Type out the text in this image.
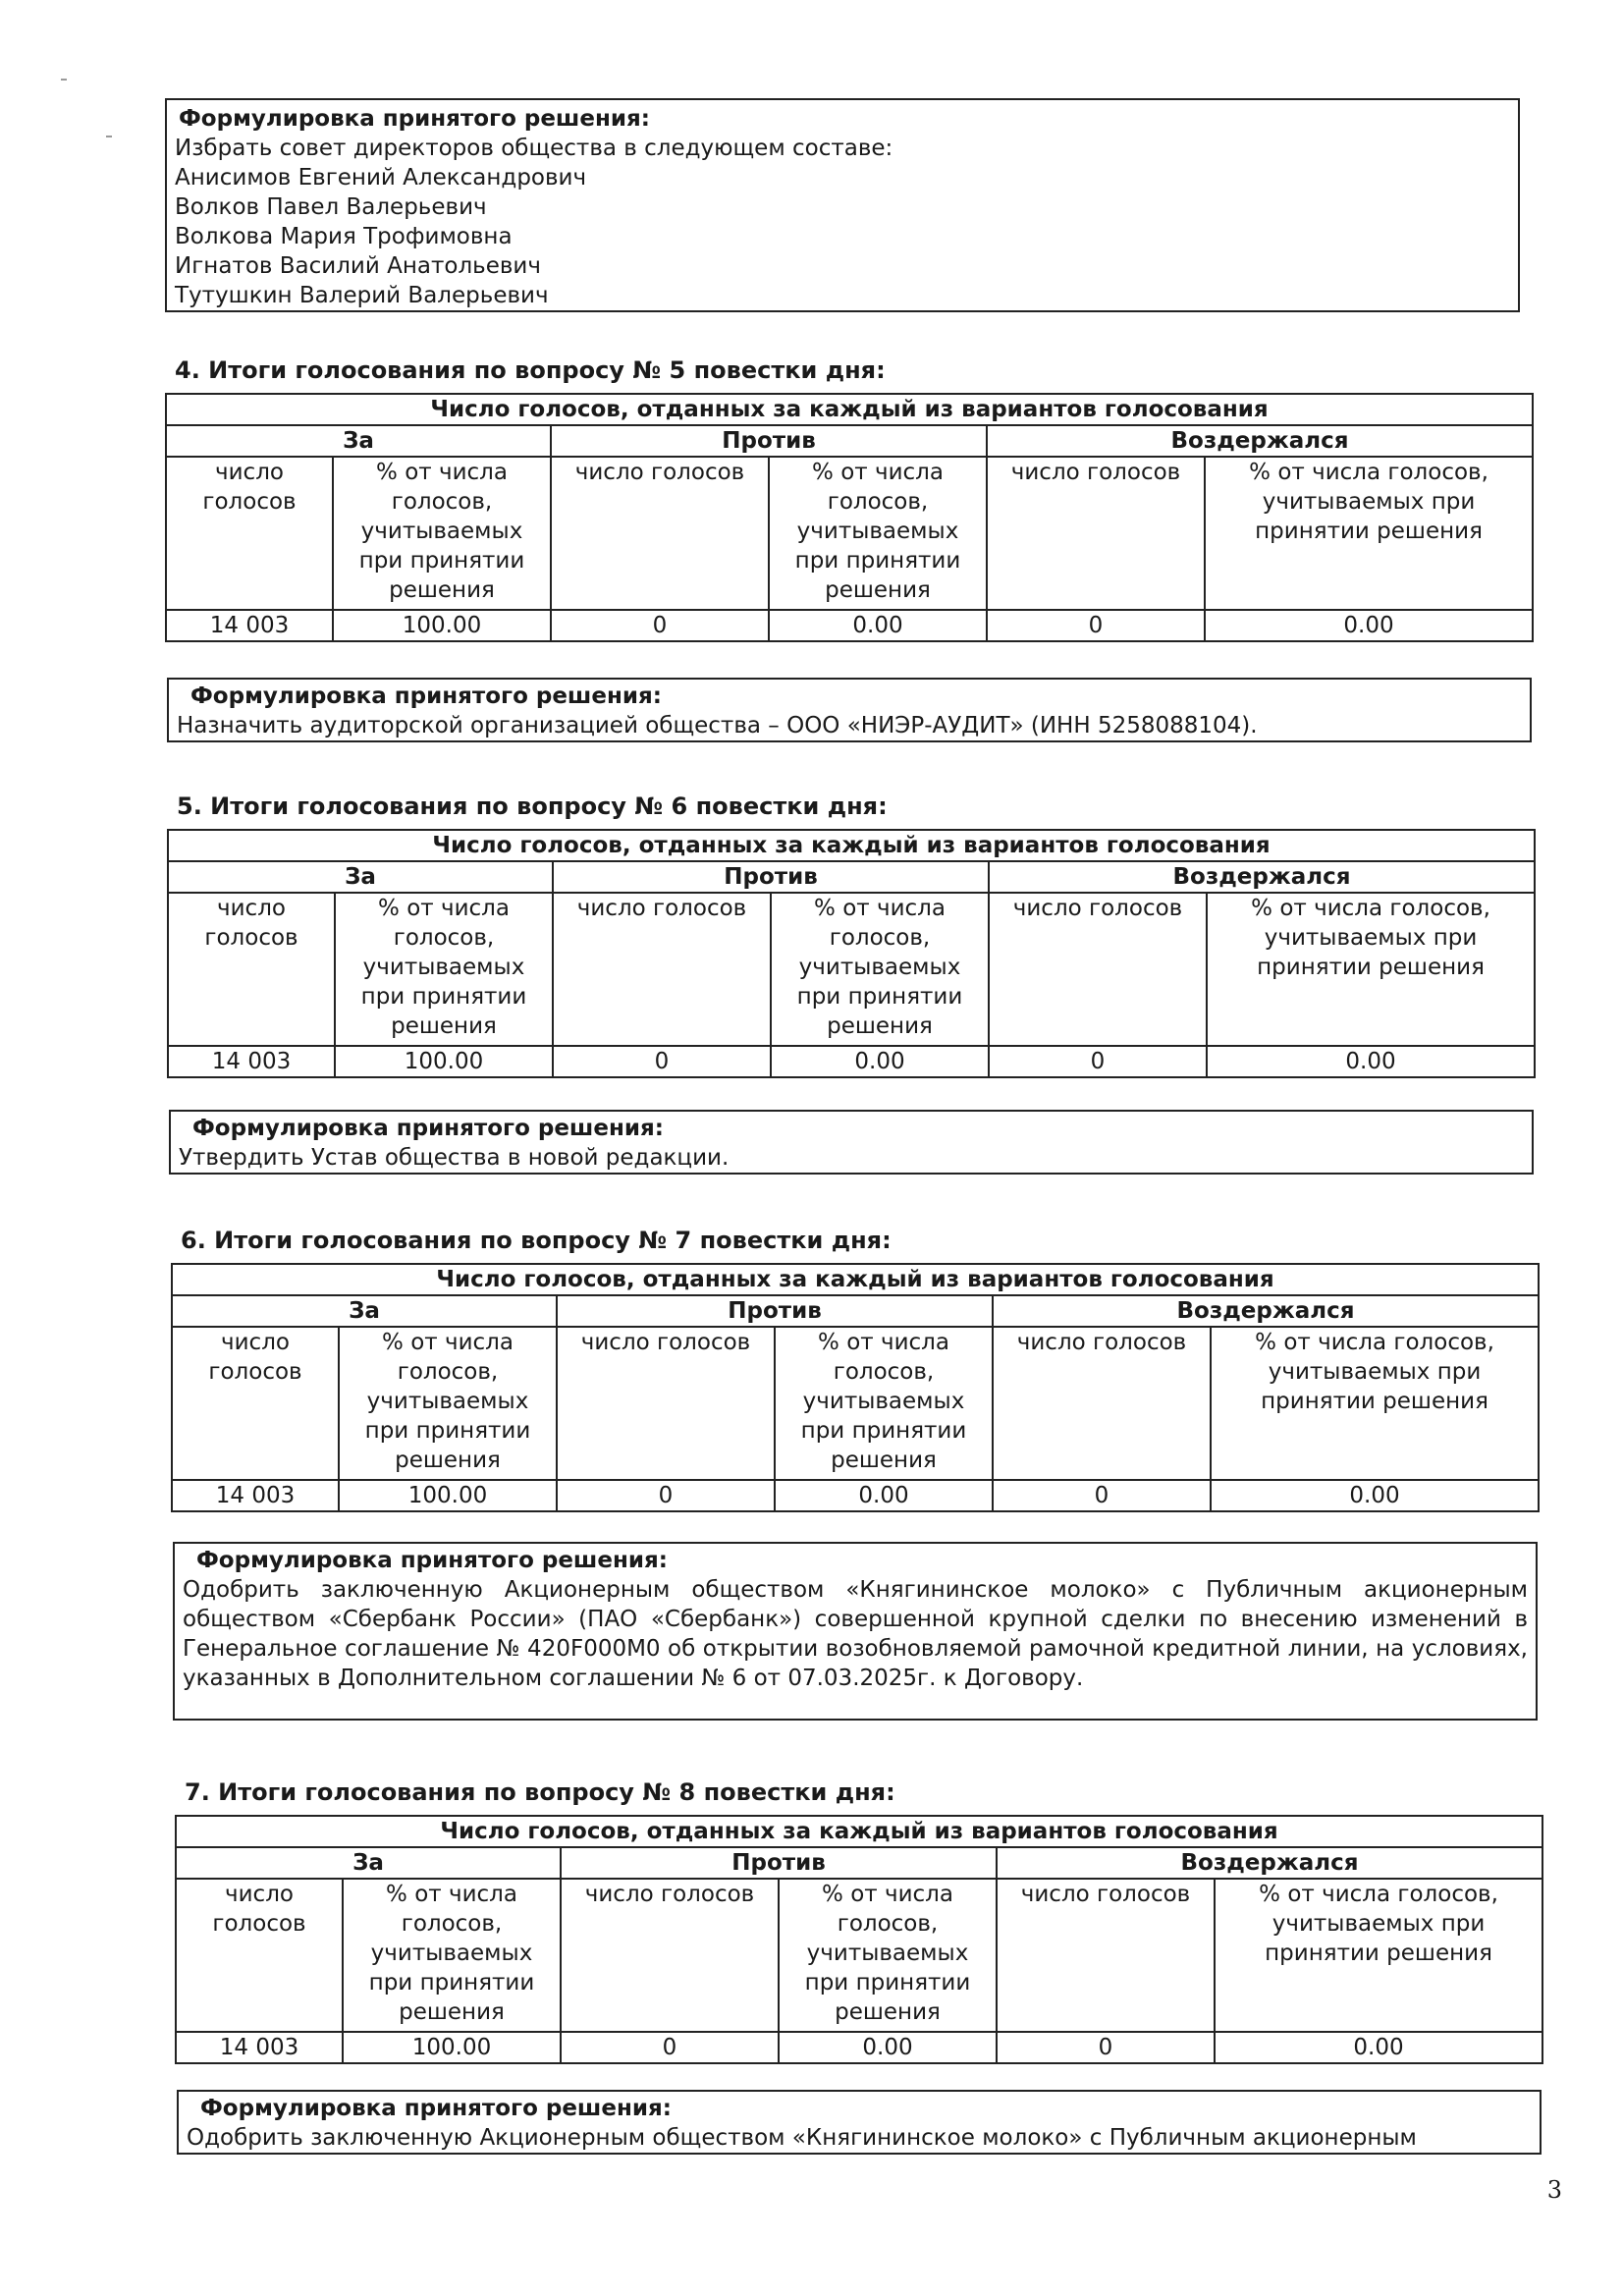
Формулировка принятого решения:
Избрать совет директоров общества в следующем составе:
Анисимов Евгений Александрович
Волков Павел Валерьевич
Волкова Мария Трофимовна
Игнатов Василий Анатольевич
Тутушкин Валерий Валерьевич
4. Итоги голосования по вопросу № 5 повестки дня:
Число голосов, отданных за каждый из вариантов голосования					
За		Против		Воздержался	
число голосов	% от числа голосов, учитываемых при принятии решения	число голосов	% от числа голосов, учитываемых при принятии решения	число голосов	% от числа голосов, учитываемых при принятии решения
14 003	100.00	0	0.00	0	0.00
Формулировка принятого решения:
Назначить аудиторской организацией общества – ООО «НИЭР-АУДИТ» (ИНН 5258088104).
5. Итоги голосования по вопросу № 6 повестки дня:
Число голосов, отданных за каждый из вариантов голосования					
За		Против		Воздержался	
число голосов	% от числа голосов, учитываемых при принятии решения	число голосов	% от числа голосов, учитываемых при принятии решения	число голосов	% от числа голосов, учитываемых при принятии решения
14 003	100.00	0	0.00	0	0.00
Формулировка принятого решения:
Утвердить Устав общества в новой редакции.
6. Итоги голосования по вопросу № 7 повестки дня:
Число голосов, отданных за каждый из вариантов голосования					
За		Против		Воздержался	
число голосов	% от числа голосов, учитываемых при принятии решения	число голосов	% от числа голосов, учитываемых при принятии решения	число голосов	% от числа голосов, учитываемых при принятии решения
14 003	100.00	0	0.00	0	0.00
Формулировка принятого решения:
Одобрить заключенную Акционерным обществом «Княгининское молоко» с Публичным акционерным обществом «Сбербанк России» (ПАО «Сбербанк») совершенной крупной сделки по внесению изменений в Генеральное соглашение № 420F000M0 об открытии возобновляемой рамочной кредитной линии, на условиях, указанных в Дополнительном соглашении № 6 от 07.03.2025г. к Договору.
7. Итоги голосования по вопросу № 8 повестки дня:
Число голосов, отданных за каждый из вариантов голосования					
За		Против		Воздержался	
число голосов	% от числа голосов, учитываемых при принятии решения	число голосов	% от числа голосов, учитываемых при принятии решения	число голосов	% от числа голосов, учитываемых при принятии решения
14 003	100.00	0	0.00	0	0.00
Формулировка принятого решения:
Одобрить заключенную Акционерным обществом «Княгининское молоко» с Публичным акционерным
3
